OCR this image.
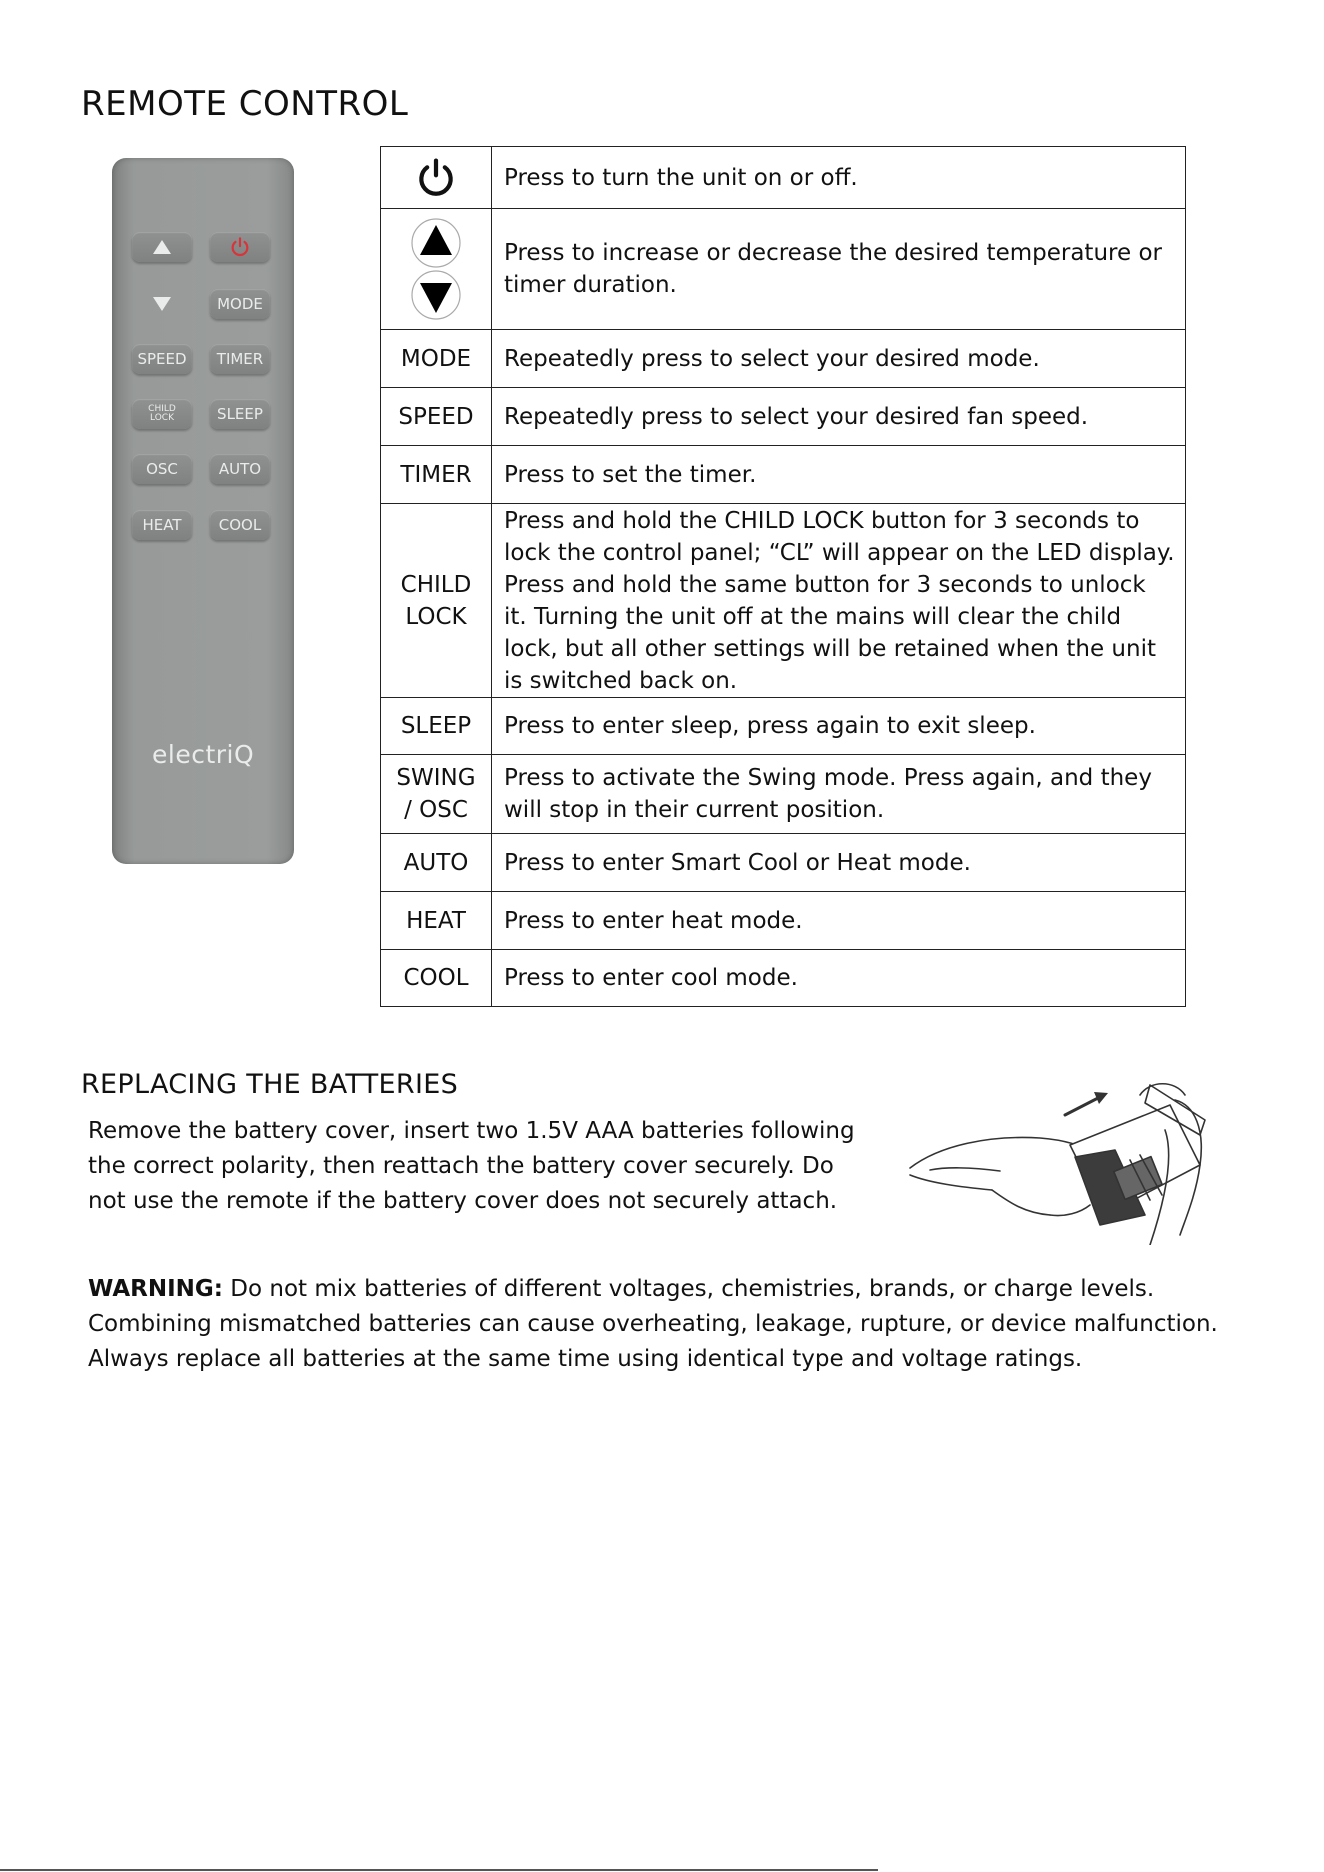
REMOTE CONTROL
MODE
SPEED	TIMER
CHILD
LOCK	SLEEP
OSC	AUTO
HEAT	COOL
electriQ
	Press to turn the unit on or off.

	Press to increase or decrease the desired temperature or timer duration.
MODE	Repeatedly press to select your desired mode.
SPEED	Repeatedly press to select your desired fan speed.
TIMER	Press to set the timer.

CHILD
LOCK	Press and hold the CHILD LOCK button for 3 seconds to lock the control panel; “CL” will appear on the LED display. Press and hold the same button for 3 seconds to unlock it. Turning the unit off at the mains will clear the child lock, but all other settings will be retained when the unit is switched back on.
SLEEP	Press to enter sleep, press again to exit sleep.

SWING
/ OSC	Press to activate the Swing mode. Press again, and they will stop in their current position.
AUTO	Press to enter Smart Cool or Heat mode.
HEAT	Press to enter heat mode.
COOL	Press to enter cool mode.
REPLACING THE BATTERIES
Remove the battery cover, insert two 1.5V AAA batteries following the correct polarity, then reattach the battery cover securely. Do not use the remote if the battery cover does not securely attach.
WARNING: Do not mix batteries of different voltages, chemistries, brands, or charge levels. Combining mismatched batteries can cause overheating, leakage, rupture, or device malfunction. Always replace all batteries at the same time using identical type and voltage ratings.
